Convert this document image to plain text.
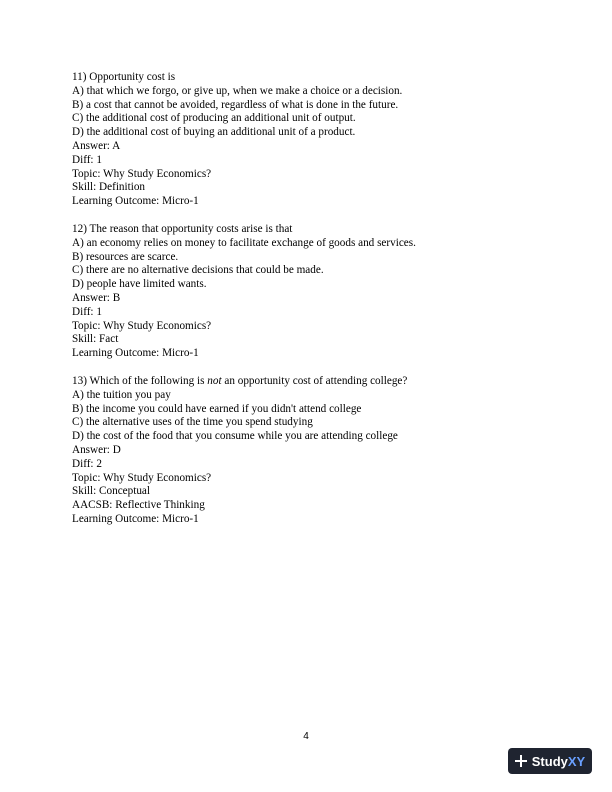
11) Opportunity cost is
A) that which we forgo, or give up, when we make a choice or a decision.
B) a cost that cannot be avoided, regardless of what is done in the future.
C) the additional cost of producing an additional unit of output.
D) the additional cost of buying an additional unit of a product.
Answer: A
Diff: 1
Topic: Why Study Economics?
Skill: Definition
Learning Outcome: Micro-1
12) The reason that opportunity costs arise is that
A) an economy relies on money to facilitate exchange of goods and services.
B) resources are scarce.
C) there are no alternative decisions that could be made.
D) people have limited wants.
Answer: B
Diff: 1
Topic: Why Study Economics?
Skill: Fact
Learning Outcome: Micro-1
13) Which of the following is not an opportunity cost of attending college?
A) the tuition you pay
B) the income you could have earned if you didn't attend college
C) the alternative uses of the time you spend studying
D) the cost of the food that you consume while you are attending college
Answer: D
Diff: 2
Topic: Why Study Economics?
Skill: Conceptual
AACSB: Reflective Thinking
Learning Outcome: Micro-1
4
Study XY
